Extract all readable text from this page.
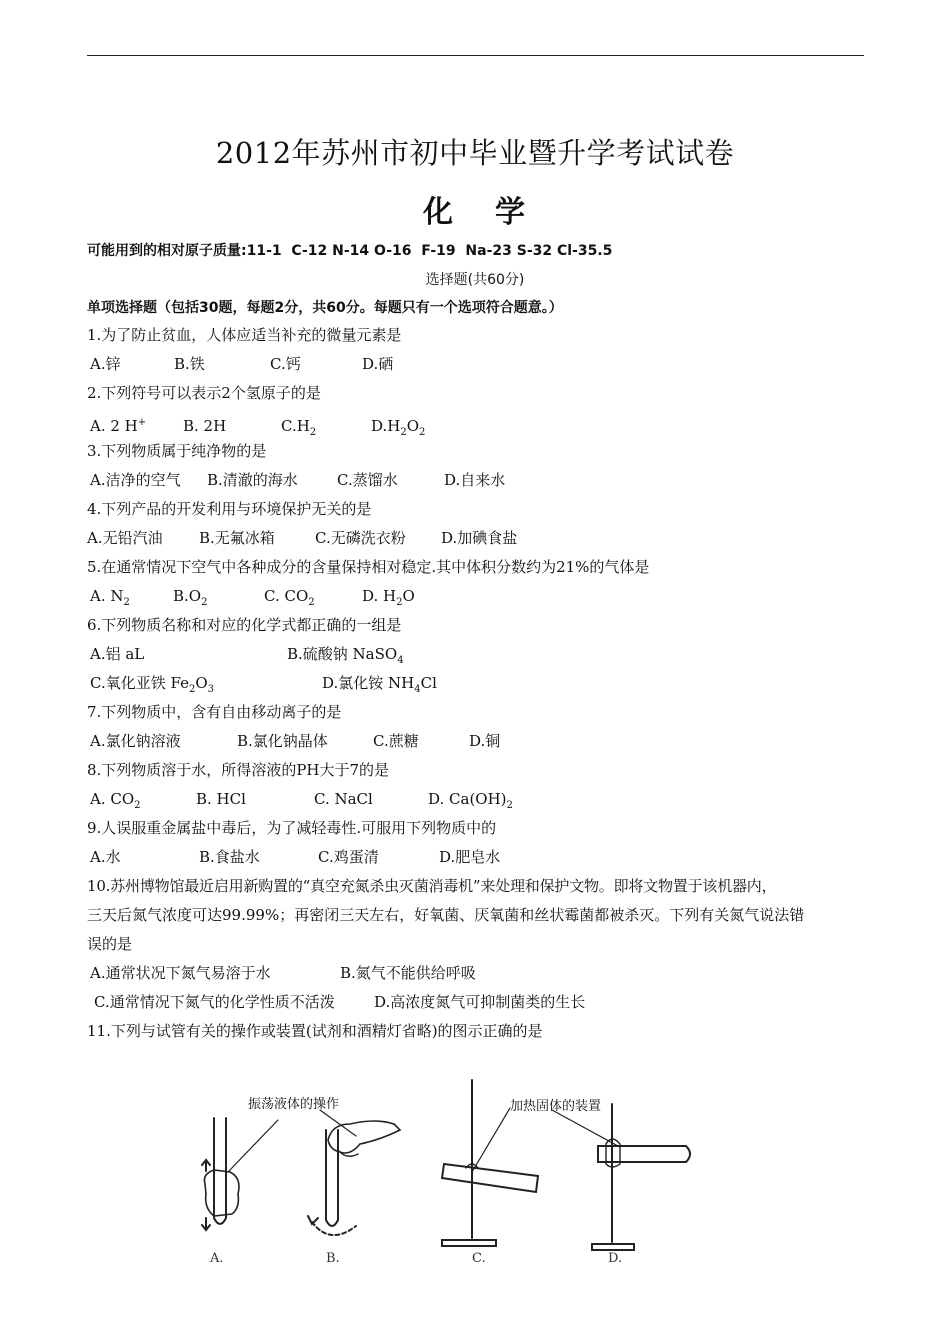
2012年苏州市初中毕业暨升学考试试卷
化 学
可能用到的相对原子质量:11-1  C-12 N-14 O-16  F-19  Na-23 S-32 Cl-35.5
选择题(共60分)
单项选择题（包括30题，每题2分，共60分。每题只有一个选项符合题意。）
1.为了防止贫血，人体应适当补充的微量元素是
A.锌	B.铁	C.钙	D.硒
2.下列符号可以表示2个氢原子的是
A. 2 H+ B. 2H	$C.H_2$	$D.H_2O_2$
3.下列物质属于纯净物的是
A.洁净的空气 B.清澈的海水	C.蒸馏水	D.自来水
4.下列产品的开发利用与环境保护无关的是
A.无铅汽油 B.无氟冰箱	C.无磷洗衣粉 D.加碘食盐
5.在通常情况下空气中各种成分的含量保持相对稳定.其中体积分数约为21%的气体是
A. $N_2$	$B.O_2$	C. $CO_2$	D. $H_2O$
6.下列物质名称和对应的化学式都正确的一组是
A.铝 aL	B.硫酸钠 NaSO$_4$
C.氧化亚铁 $Fe_2O_3$	D.氯化铵 $NH_4Cl$
7.下列物质中，含有自由移动离子的是
A.氯化钠溶液	B.氯化钠晶体	C.蔗糖	D.铜
8.下列物质溶于水，所得溶液的PH大于7的是
A. $CO_2$	B. HCl	C. NaCl	D. $Ca(OH)_2$
9.人误服重金属盐中毒后，为了减轻毒性.可服用下列物质中的
A.水	B.食盐水	C.鸡蛋清	D.肥皂水
10.苏州博物馆最近启用新购置的“真空充氮杀虫灭菌消毒机”来处理和保护文物。即将文物置于该机器内，
三天后氮气浓度可达99.99%；再密闭三天左右，好氧菌、厌氧菌和丝状霉菌都被杀灭。下列有关氮气说法错
误的是
A.通常状况下氮气易溶于水	B.氮气不能供给呼吸
C.通常情况下氮气的化学性质不活泼	D.高浓度氮气可抑制菌类的生长
11.下列与试管有关的操作或装置(试剂和酒精灯省略)的图示正确的是
振荡液体的操作	加热固体的装置
A.	B.	C.	D.
